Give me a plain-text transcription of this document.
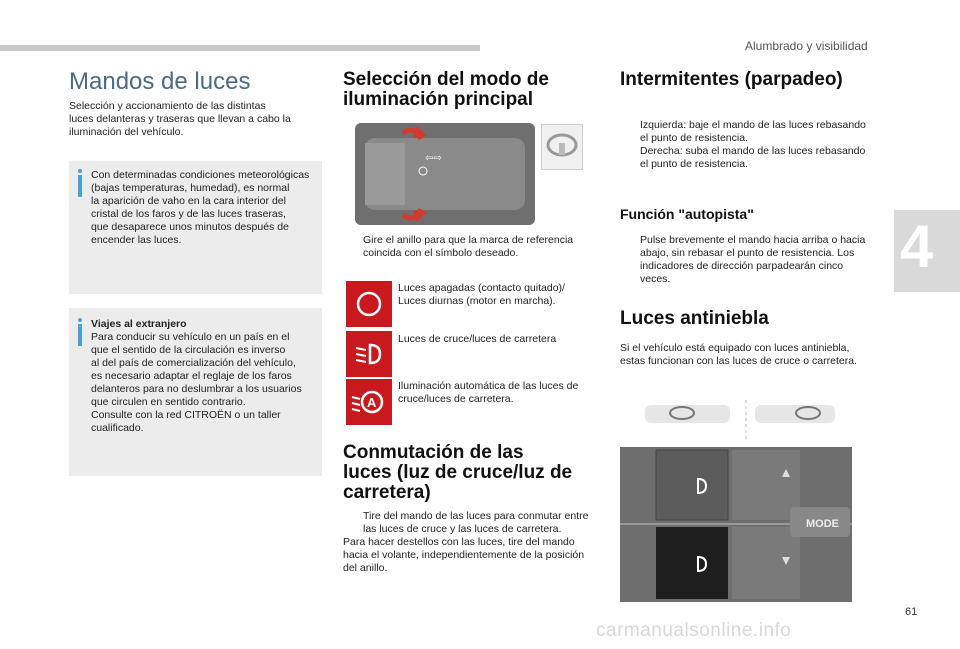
Alumbrado y visibilidad
4
61
Mandos de luces
Selección y accionamiento de las distintas
luces delanteras y traseras que llevan a cabo la
iluminación del vehículo.
Con determinadas condiciones meteorológicas
(bajas temperaturas, humedad), es normal
la aparición de vaho en la cara interior del
cristal de los faros y de las luces traseras,
que desaparece unos minutos después de
encender las luces.
Viajes al extranjero
Para conducir su vehículo en un país en el
que el sentido de la circulación es inverso
al del país de comercialización del vehículo,
es necesario adaptar el reglaje de los faros
delanteros para no deslumbrar a los usuarios
que circulen en sentido contrario.
Consulte con la red CITROËN o un taller
cualificado.
Selección del modo de
iluminación principal
⇦⇨
Gire el anillo para que la marca de referencia
coincida con el símbolo deseado.
Luces apagadas (contacto quitado)/
Luces diurnas (motor en marcha).
Luces de cruce/luces de carretera
A
Iluminación automática de las luces de
cruce/luces de carretera.
Conmutación de las
luces (luz de cruce/luz de
carretera)
Tire del mando de las luces para conmutar entre
las luces de cruce y las luces de carretera.
Para hacer destellos con las luces, tire del mando
hacia el volante, independientemente de la posición
del anillo.
Intermitentes (parpadeo)
Izquierda: baje el mando de las luces rebasando
el punto de resistencia.
Derecha: suba el mando de las luces rebasando
el punto de resistencia.
Función "autopista"
Pulse brevemente el mando hacia arriba o hacia
abajo, sin rebasar el punto de resistencia. Los
indicadores de dirección parpadearán cinco
veces.
Luces antiniebla
Si el vehículo está equipado con luces antiniebla,
estas funcionan con las luces de cruce o carretera.
MODE
carmanualsonline.info
